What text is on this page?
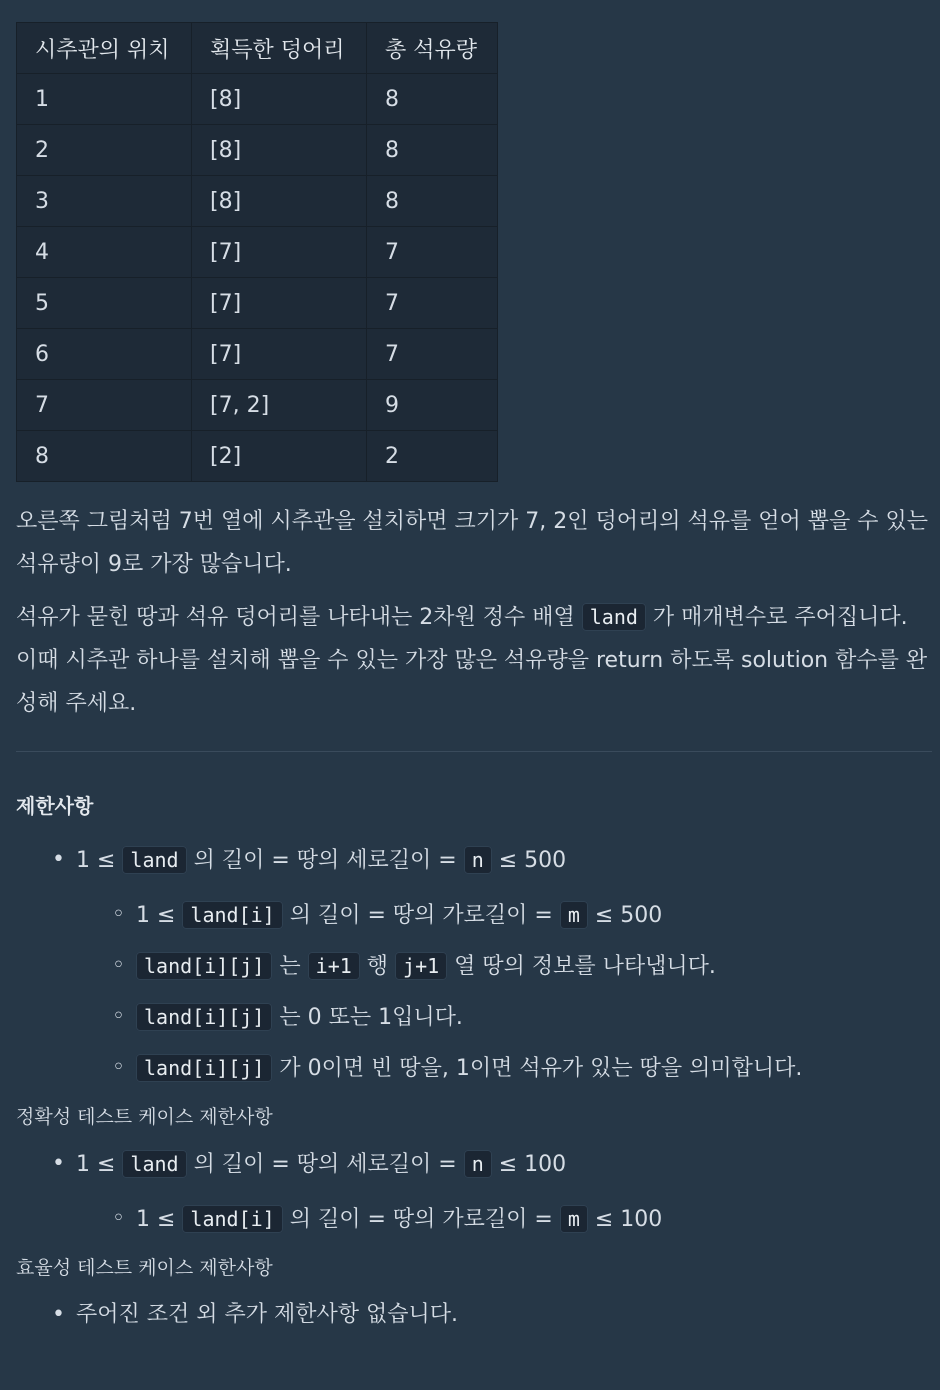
시추관의 위치	획득한 덩어리	총 석유량
1	[8]	8
2	[8]	8
3	[8]	8
4	[7]	7
5	[7]	7
6	[7]	7
7	[7, 2]	9
8	[2]	2

오른쪽 그림처럼 7번 열에 시추관을 설치하면 크기가 7, 2인 덩어리의 석유를 얻어 뽑을 수 있는 석유량이 9로 가장 많습니다.

석유가 묻힌 땅과 석유 덩어리를 나타내는 2차원 정수 배열 land 가 매개변수로 주어집니다. 이때 시추관 하나를 설치해 뽑을 수 있는 가장 많은 석유량을 return 하도록 solution 함수를 완성해 주세요.

제한사항
• 1 ≤ land 의 길이 = 땅의 세로길이 = n ≤ 500
◦ 1 ≤ land[i] 의 길이 = 땅의 가로길이 = m ≤ 500
◦ land[i][j] 는 i+1 행 j+1 열 땅의 정보를 나타냅니다.
◦ land[i][j] 는 0 또는 1입니다.
◦ land[i][j] 가 0이면 빈 땅을, 1이면 석유가 있는 땅을 의미합니다.
정확성 테스트 케이스 제한사항
• 1 ≤ land 의 길이 = 땅의 세로길이 = n ≤ 100
◦ 1 ≤ land[i] 의 길이 = 땅의 가로길이 = m ≤ 100
효율성 테스트 케이스 제한사항
• 주어진 조건 외 추가 제한사항 없습니다.
